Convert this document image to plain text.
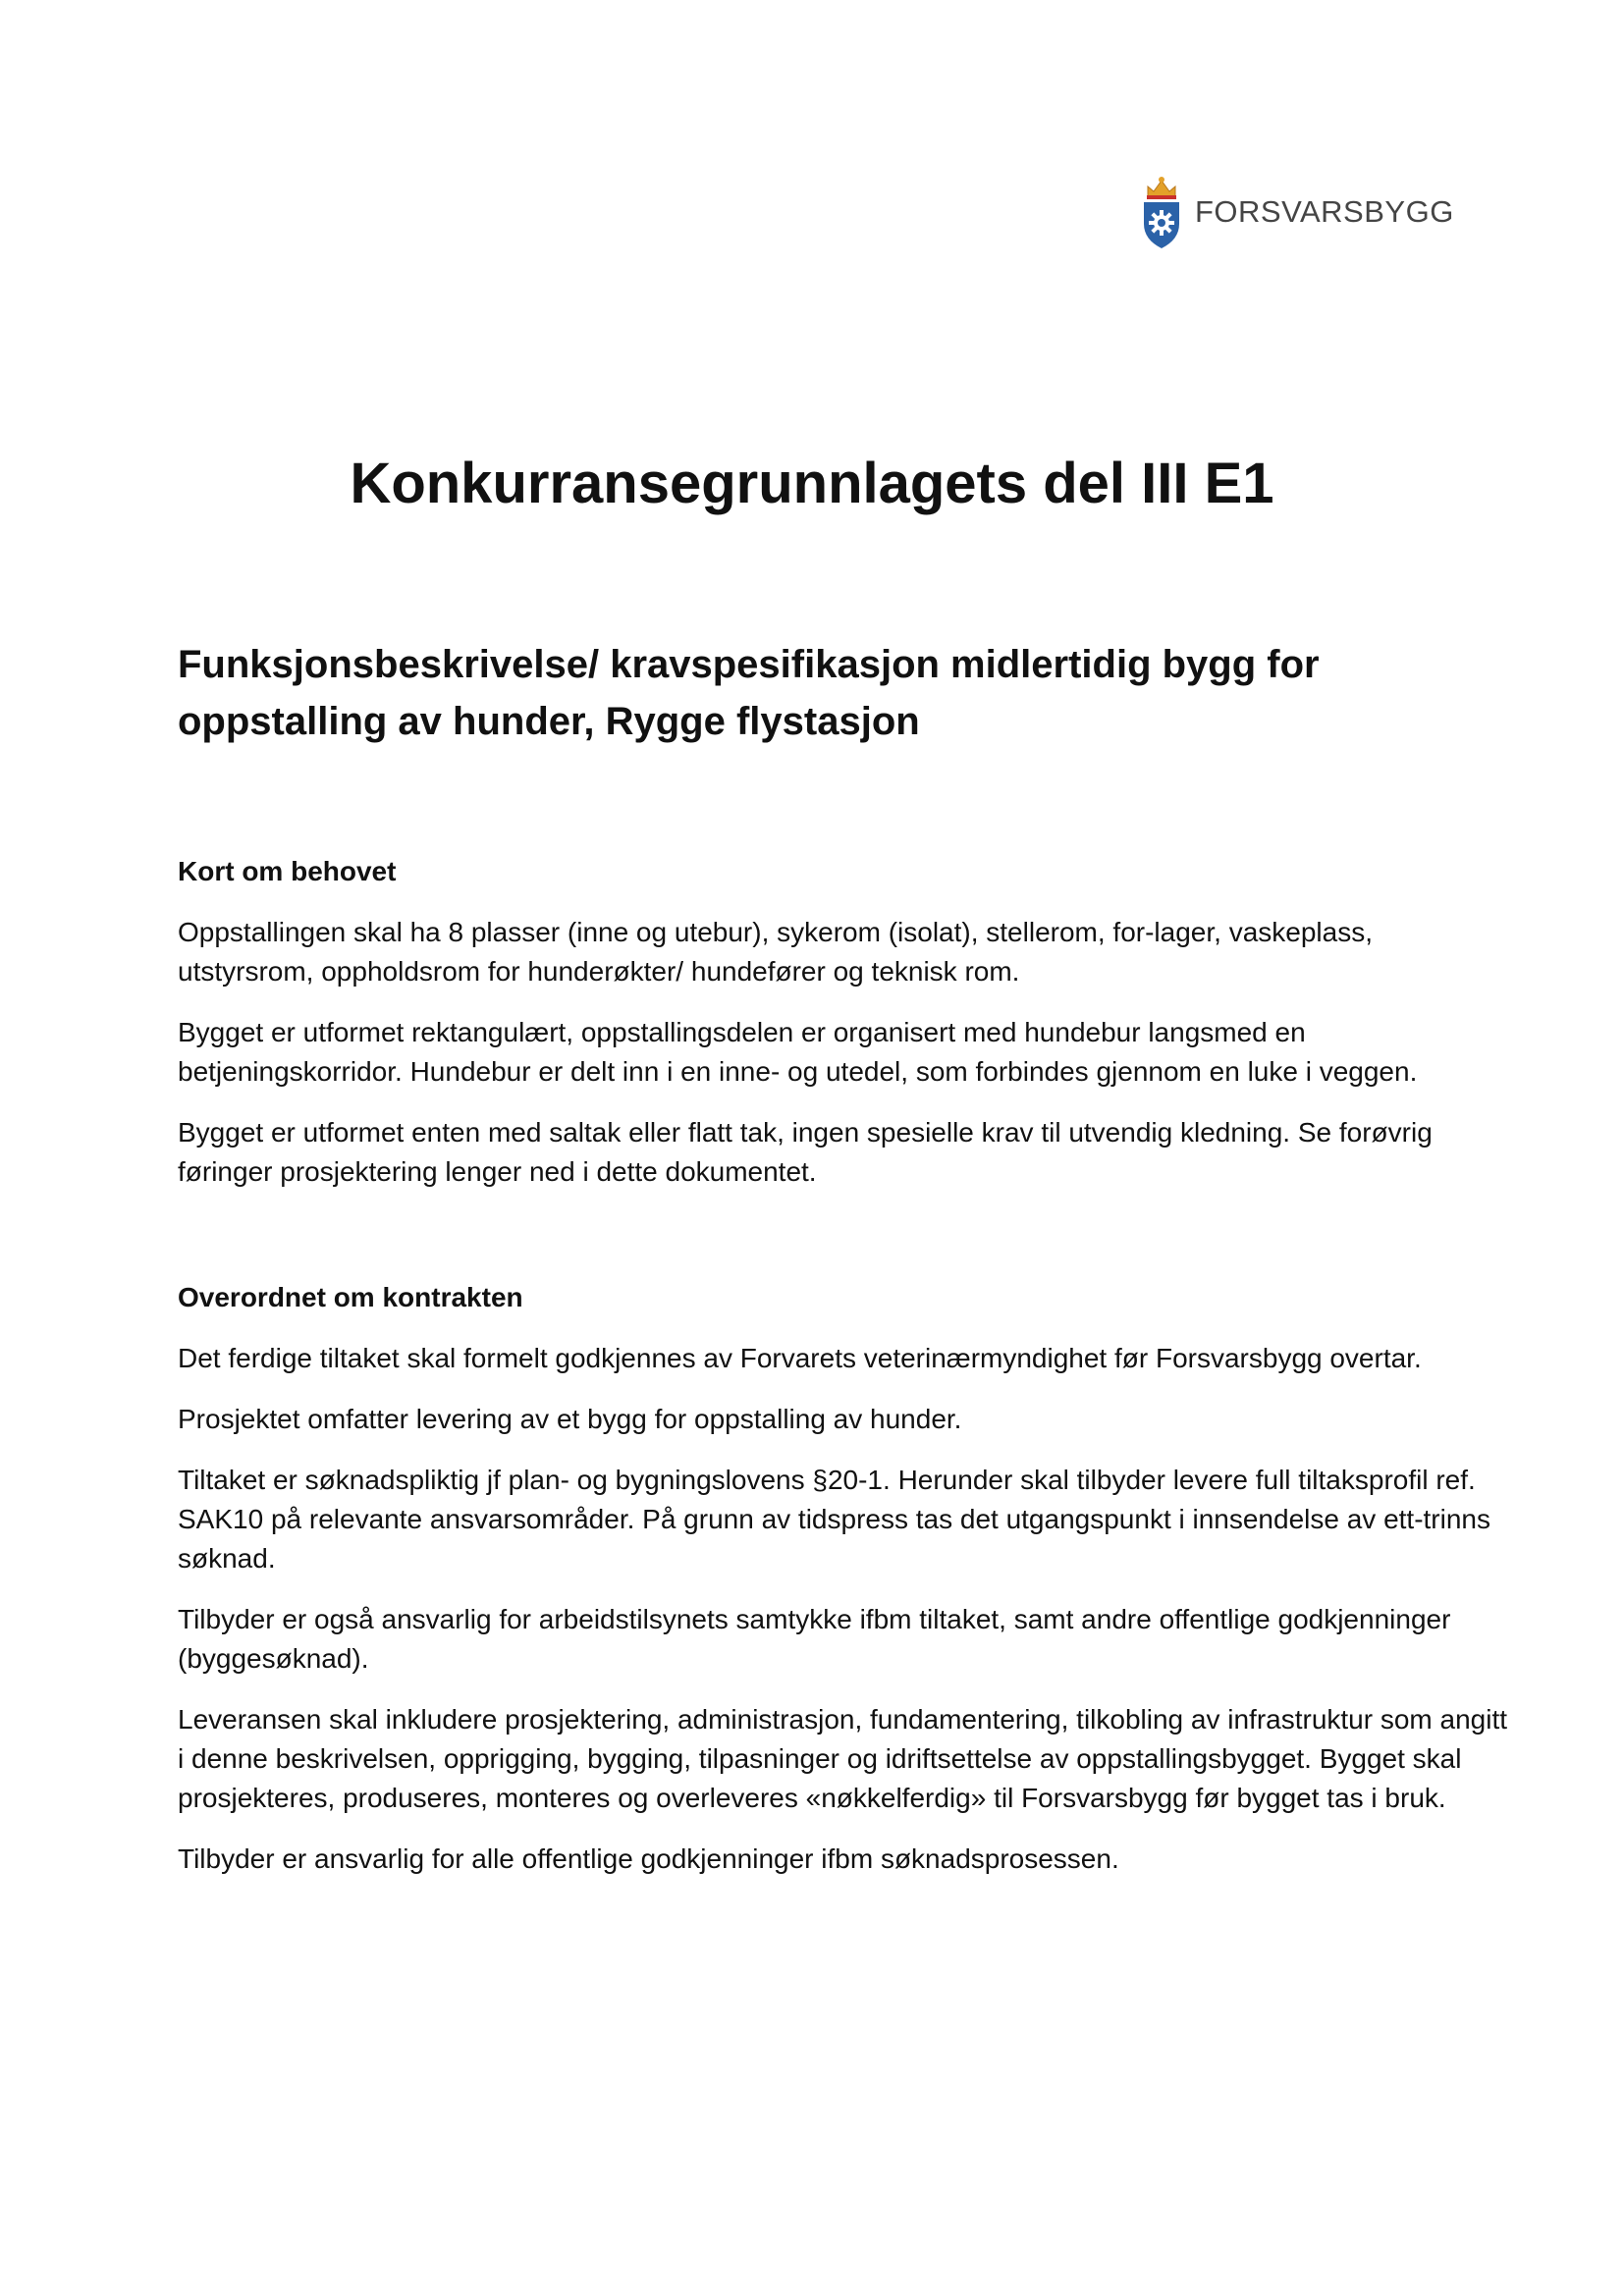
FORSVARSBYGG
Konkurransegrunnlagets del III E1
Funksjonsbeskrivelse/ kravspesifikasjon midlertidig bygg for oppstalling av hunder, Rygge flystasjon
Kort om behovet

Oppstallingen skal ha 8 plasser (inne og utebur), sykerom (isolat), stellerom, for-lager, vaskeplass, utstyrsrom, oppholdsrom for hunderøkter/ hundefører og teknisk rom.

Bygget er utformet rektangulært, oppstallingsdelen er organisert med hundebur langsmed en betjeningskorridor. Hundebur er delt inn i en inne- og utedel, som forbindes gjennom en luke i veggen.

Bygget er utformet enten med saltak eller flatt tak, ingen spesielle krav til utvendig kledning. Se forøvrig føringer prosjektering lenger ned i dette dokumentet.

Overordnet om kontrakten

Det ferdige tiltaket skal formelt godkjennes av Forvarets veterinærmyndighet før Forsvarsbygg overtar.

Prosjektet omfatter levering av et bygg for oppstalling av hunder.

Tiltaket er søknadspliktig jf plan- og bygningslovens §20-1. Herunder skal tilbyder levere full tiltaksprofil ref. SAK10 på relevante ansvarsområder. På grunn av tidspress tas det utgangspunkt i innsendelse av ett-trinns søknad.

Tilbyder er også ansvarlig for arbeidstilsynets samtykke ifbm tiltaket, samt andre offentlige godkjenninger (byggesøknad).

Leveransen skal inkludere prosjektering, administrasjon, fundamentering, tilkobling av infrastruktur som angitt i denne beskrivelsen, opprigging, bygging, tilpasninger og idriftsettelse av oppstallingsbygget. Bygget skal prosjekteres, produseres, monteres og overleveres «nøkkelferdig» til Forsvarsbygg før bygget tas i bruk.

Tilbyder er ansvarlig for alle offentlige godkjenninger ifbm søknadsprosessen.
